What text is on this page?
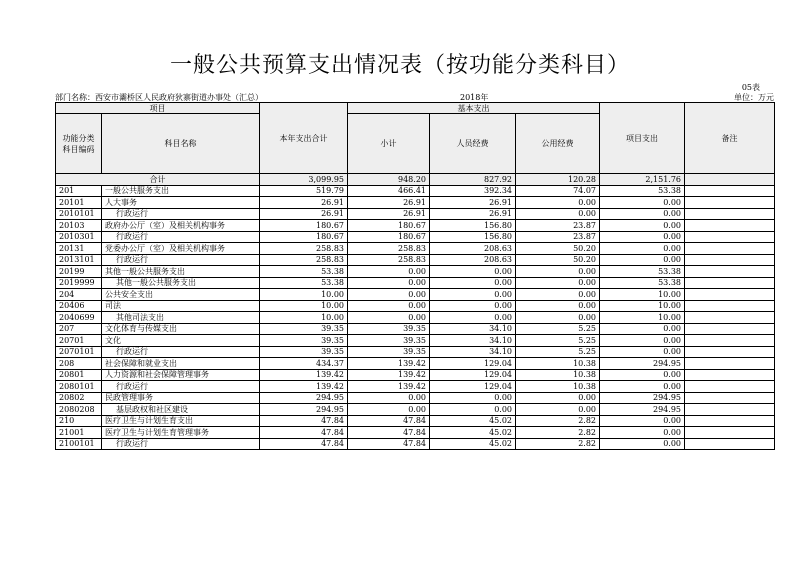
一般公共预算支出情况表（按功能分类科目）
05表
部门名称：西安市灞桥区人民政府狄寨街道办事处（汇总）	2018年	单位：万元
项目		本年支出合计	基本支出			项目支出	备注
功能分类
科目编码	科目名称		小计	人员经费	公用经费		
合计		3,099.95	948.20	827.92	120.28	2,151.76	
201	一般公共服务支出	519.79	466.41	392.34	74.07	53.38	
20101	人大事务	26.91	26.91	26.91	0.00	0.00	
2010101	行政运行	26.91	26.91	26.91	0.00	0.00	
20103	政府办公厅（室）及相关机构事务	180.67	180.67	156.80	23.87	0.00	
2010301	行政运行	180.67	180.67	156.80	23.87	0.00	
20131	党委办公厅（室）及相关机构事务	258.83	258.83	208.63	50.20	0.00	
2013101	行政运行	258.83	258.83	208.63	50.20	0.00	
20199	其他一般公共服务支出	53.38	0.00	0.00	0.00	53.38	
2019999	其他一般公共服务支出	53.38	0.00	0.00	0.00	53.38	
204	公共安全支出	10.00	0.00	0.00	0.00	10.00	
20406	司法	10.00	0.00	0.00	0.00	10.00	
2040699	其他司法支出	10.00	0.00	0.00	0.00	10.00	
207	文化体育与传媒支出	39.35	39.35	34.10	5.25	0.00	
20701	文化	39.35	39.35	34.10	5.25	0.00	
2070101	行政运行	39.35	39.35	34.10	5.25	0.00	
208	社会保障和就业支出	434.37	139.42	129.04	10.38	294.95	
20801	人力资源和社会保障管理事务	139.42	139.42	129.04	10.38	0.00	
2080101	行政运行	139.42	139.42	129.04	10.38	0.00	
20802	民政管理事务	294.95	0.00	0.00	0.00	294.95	
2080208	基层政权和社区建设	294.95	0.00	0.00	0.00	294.95	
210	医疗卫生与计划生育支出	47.84	47.84	45.02	2.82	0.00	
21001	医疗卫生与计划生育管理事务	47.84	47.84	45.02	2.82	0.00	
2100101	行政运行	47.84	47.84	45.02	2.82	0.00	
